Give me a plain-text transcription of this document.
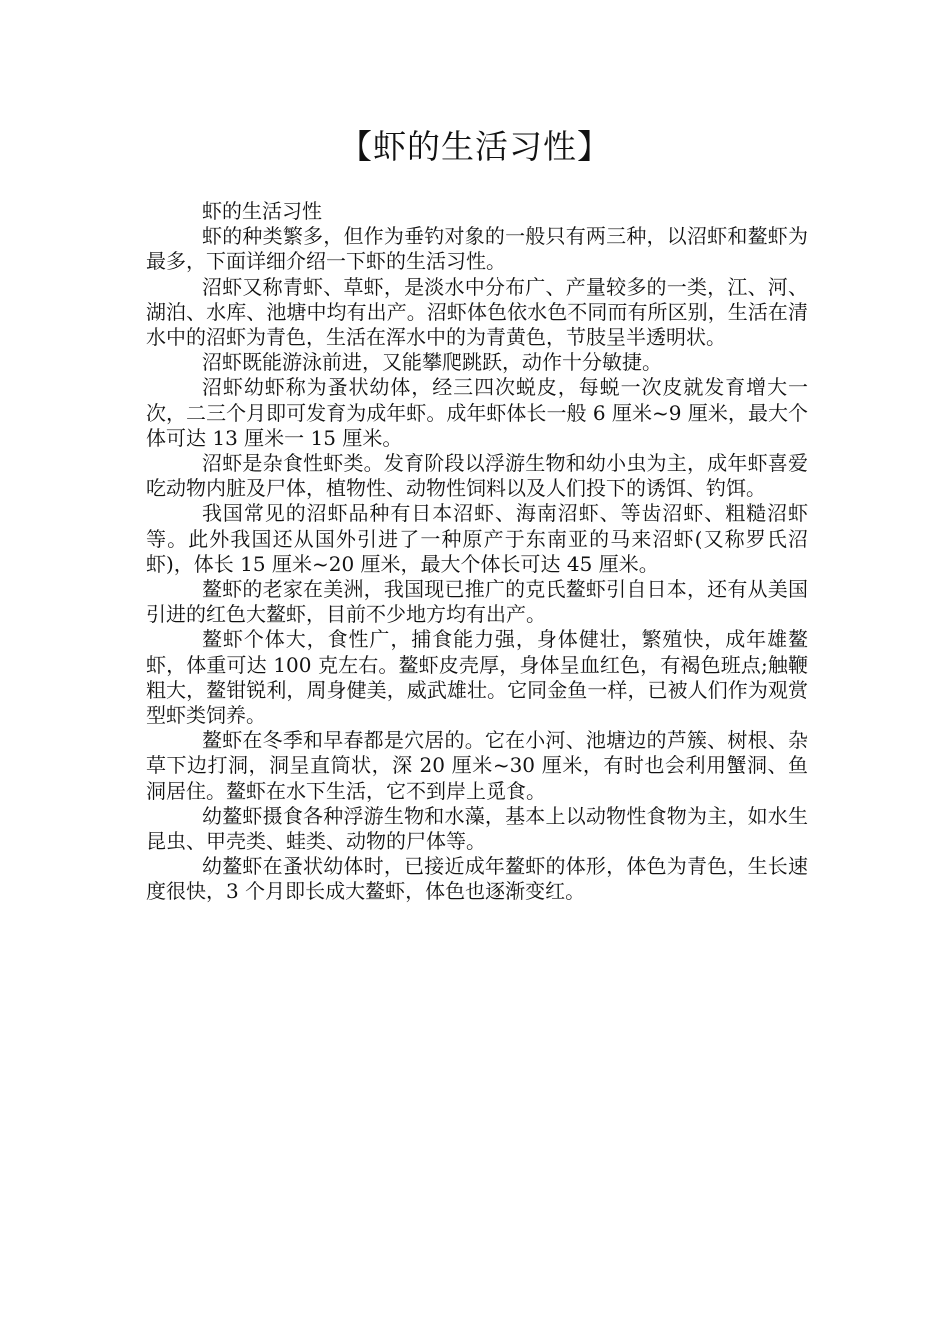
【虾的生活习性】

虾的生活习性

虾的种类繁多，但作为垂钓对象的一般只有两三种，以沼虾和鳌虾为最多，下面详细介绍一下虾的生活习性。

沼虾又称青虾、草虾，是淡水中分布广、产量较多的一类，江、河、湖泊、水库、池塘中均有出产。沼虾体色依水色不同而有所区别，生活在清水中的沼虾为青色，生活在浑水中的为青黄色，节肢呈半透明状。

沼虾既能游泳前进，又能攀爬跳跃，动作十分敏捷。

沼虾幼虾称为蚤状幼体，经三四次蜕皮，每蜕一次皮就发育增大一次，二三个月即可发育为成年虾。成年虾体长一般 6 厘米~9 厘米，最大个体可达 13 厘米一 15 厘米。

沼虾是杂食性虾类。发育阶段以浮游生物和幼小虫为主，成年虾喜爱吃动物内脏及尸体，植物性、动物性饲料以及人们投下的诱饵、钓饵。

我国常见的沼虾品种有日本沼虾、海南沼虾、等齿沼虾、粗糙沼虾等。此外我国还从国外引进了一种原产于东南亚的马来沼虾(又称罗氏沼虾)，体长 15 厘米~20 厘米，最大个体长可达 45 厘米。

鳌虾的老家在美洲，我国现已推广的克氏鳌虾引自日本，还有从美国引进的红色大鳌虾，目前不少地方均有出产。

鳌虾个体大，食性广，捕食能力强，身体健壮，繁殖快，成年雄鳌虾，体重可达 100 克左右。鳌虾皮壳厚，身体呈血红色，有褐色班点;触鞭粗大，鳌钳锐利，周身健美，威武雄壮。它同金鱼一样，已被人们作为观赏型虾类饲养。

鳌虾在冬季和早春都是穴居的。它在小河、池塘边的芦簇、树根、杂草下边打洞，洞呈直筒状，深 20 厘米~30 厘米，有时也会利用蟹洞、鱼洞居住。鳌虾在水下生活，它不到岸上觅食。

幼鳌虾摄食各种浮游生物和水藻，基本上以动物性食物为主，如水生昆虫、甲壳类、蛙类、动物的尸体等。

幼鳌虾在蚤状幼体时，已接近成年鳌虾的体形，体色为青色，生长速度很快，3 个月即长成大鳌虾，体色也逐渐变红。
